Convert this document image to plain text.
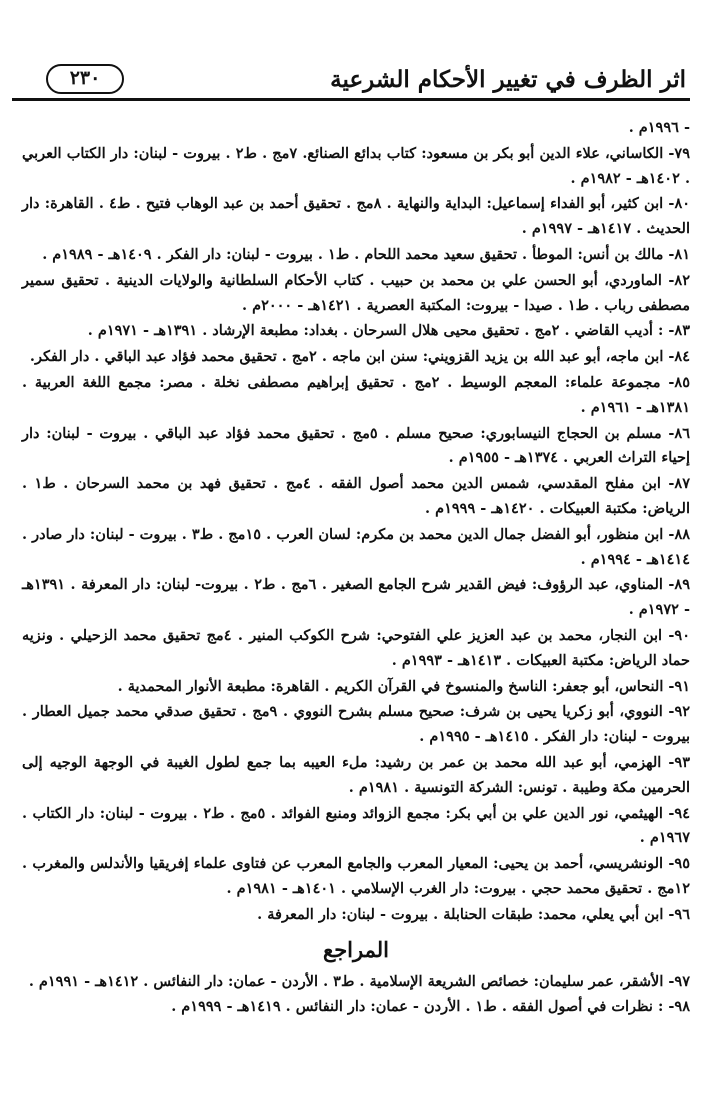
اثر الظرف في تغيير الأحكام الشرعية
٢٣٠
- ١٩٩٦م .
٧٩- الكاساني، علاء الدين أبو بكر بن مسعود: كتاب بدائع الصنائع. ٧مج . ط٢ . بيروت - لبنان: دار الكتاب العربي . ١٤٠٢هـ - ١٩٨٢م .
٨٠- ابن كثير، أبو الفداء إسماعيل: البداية والنهاية . ٨مج . تحقيق أحمد بن عبد الوهاب فتيح . ط٤ . القاهرة: دار الحديث . ١٤١٧هـ - ١٩٩٧م .
٨١- مالك بن أنس: الموطأ . تحقيق سعيد محمد اللحام . ط١ . بيروت - لبنان: دار الفكر . ١٤٠٩هـ - ١٩٨٩م .
٨٢- الماوردي، أبو الحسن علي بن محمد بن حبيب . كتاب الأحكام السلطانية والولايات الدينية . تحقيق سمير مصطفى رباب . ط١ . صيدا - بيروت: المكتبة العصرية . ١٤٢١هـ - ٢٠٠٠م .
٨٣- : أديب القاضي . ٢مج . تحقيق محيى هلال السرحان . بغداد: مطبعة الإرشاد . ١٣٩١هـ - ١٩٧١م .
٨٤- ابن ماجه، أبو عبد الله بن يزيد القزويني: سنن ابن ماجه . ٢مج . تحقيق محمد فؤاد عبد الباقي . دار الفكر.
٨٥- مجموعة علماء: المعجم الوسيط . ٢مج . تحقيق إبراهيم مصطفى نخلة . مصر: مجمع اللغة العربية . ١٣٨١هـ - ١٩٦١م .
٨٦- مسلم بن الحجاج النيسابوري: صحيح مسلم . ٥مج . تحقيق محمد فؤاد عبد الباقي . بيروت - لبنان: دار إحياء التراث العربي . ١٣٧٤هـ - ١٩٥٥م .
٨٧- ابن مفلح المقدسي، شمس الدين محمد أصول الفقه . ٤مج . تحقيق فهد بن محمد السرحان . ط١ . الرياض: مكتبة العبيكات . ١٤٢٠هـ - ١٩٩٩م .
٨٨- ابن منظور، أبو الفضل جمال الدين محمد بن مكرم: لسان العرب . ١٥مج . ط٣ . بيروت - لبنان: دار صادر . ١٤١٤هـ - ١٩٩٤م .
٨٩- المناوي، عبد الرؤوف: فيض القدير شرح الجامع الصغير . ٦مج . ط٢ . بيروت- لبنان: دار المعرفة . ١٣٩١هـ - ١٩٧٢م .
٩٠- ابن النجار، محمد بن عبد العزيز علي الفتوحي: شرح الكوكب المنير . ٤مج تحقيق محمد الزحيلي . ونزيه حماد الرياض: مكتبة العبيكات . ١٤١٣هـ - ١٩٩٣م .
٩١- النحاس، أبو جعفر: الناسخ والمنسوخ في القرآن الكريم . القاهرة: مطبعة الأنوار المحمدية .
٩٢- النووي، أبو زكريا يحيى بن شرف: صحيح مسلم بشرح النووي . ٩مج . تحقيق صدقي محمد جميل العطار . بيروت - لبنان: دار الفكر . ١٤١٥هـ - ١٩٩٥م .
٩٣- الهزمي، أبو عبد الله محمد بن عمر بن رشيد: ملء العيبه بما جمع لطول الغيبة في الوجهة الوجيه إلى الحرمين مكة وطيبة . تونس: الشركة التونسية . ١٩٨١م .
٩٤- الهيثمي، نور الدين علي بن أبي بكر: مجمع الزوائد ومنبع الفوائد . ٥مج . ط٢ . بيروت - لبنان: دار الكتاب . ١٩٦٧م .
٩٥- الونشريسي، أحمد بن يحيى: المعيار المعرب والجامع المعرب عن فتاوى علماء إفريقيا والأندلس والمغرب . ١٢مج . تحقيق محمد حجي . بيروت: دار الغرب الإسلامي . ١٤٠١هـ - ١٩٨١م .
٩٦- ابن أبي يعلي، محمد: طبقات الحنابلة . بيروت - لبنان: دار المعرفة .
المراجع
٩٧- الأشقر، عمر سليمان: خصائص الشريعة الإسلامية . ط٣ . الأردن - عمان: دار النفائس . ١٤١٢هـ - ١٩٩١م .
٩٨- : نظرات في أصول الفقه . ط١ . الأردن - عمان: دار النفائس . ١٤١٩هـ - ١٩٩٩م .
